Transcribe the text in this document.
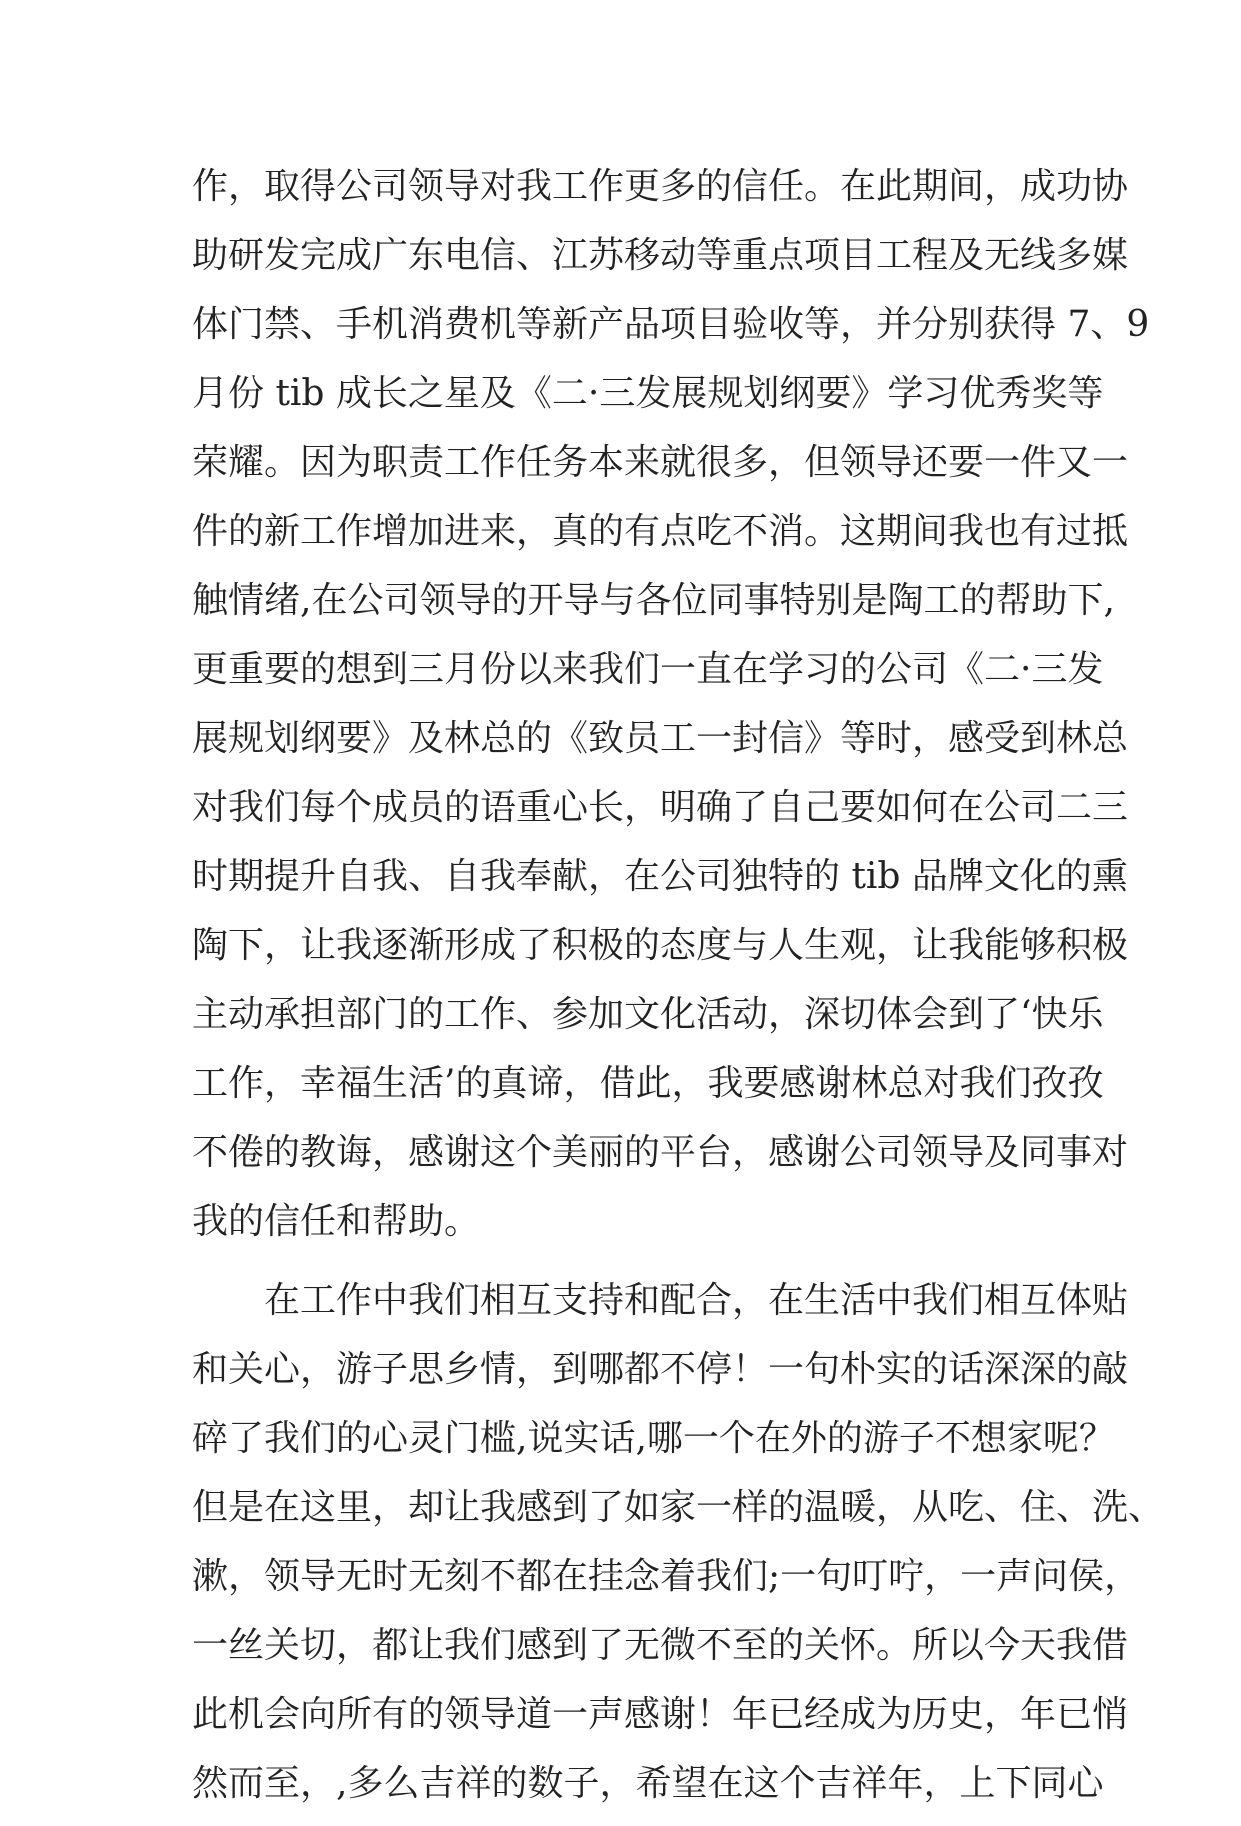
作，取得公司领导对我工作更多的信任。在此期间，成功协
助研发完成广东电信、江苏移动等重点项目工程及无线多媒
体门禁、手机消费机等新产品项目验收等，并分别获得 7、9
月份 tib 成长之星及《二·三发展规划纲要》学习优秀奖等
荣耀。因为职责工作任务本来就很多，但领导还要一件又一
件的新工作增加进来，真的有点吃不消。这期间我也有过抵
触情绪,在公司领导的开导与各位同事特别是陶工的帮助下,
更重要的想到三月份以来我们一直在学习的公司《二·三发
展规划纲要》及林总的《致员工一封信》等时，感受到林总
对我们每个成员的语重心长，明确了自己要如何在公司二三
时期提升自我、自我奉献，在公司独特的 tib 品牌文化的熏
陶下，让我逐渐形成了积极的态度与人生观，让我能够积极
主动承担部门的工作、参加文化活动，深切体会到了‘快乐
工作，幸福生活’的真谛，借此，我要感谢林总对我们孜孜
不倦的教诲，感谢这个美丽的平台，感谢公司领导及同事对
我的信任和帮助。
在工作中我们相互支持和配合，在生活中我们相互体贴
和关心，游子思乡情，到哪都不停！一句朴实的话深深的敲
碎了我们的心灵门槛,说实话,哪一个在外的游子不想家呢？
但是在这里，却让我感到了如家一样的温暖，从吃、住、洗、
漱，领导无时无刻不都在挂念着我们;一句叮咛，一声问侯，
一丝关切，都让我们感到了无微不至的关怀。所以今天我借
此机会向所有的领导道一声感谢！年已经成为历史，年已悄
然而至，,多么吉祥的数子，希望在这个吉祥年，上下同心
